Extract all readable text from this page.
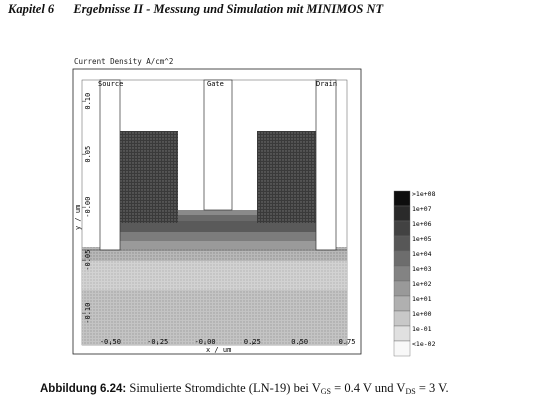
Kapitel 6 Ergebnisse II - Messung und Simulation mit MINIMOS NT
Current Density A/cm^2
Source	Gate	Drain
x / um
y / um
-0.50	-0.25	-0.00	0.25	0.50	0.75
0.10
0.05
-0.00
-0.05
-0.10
>1e+08
1e+07
1e+06
1e+05
1e+04
1e+03
1e+02
1e+01
1e+00
1e-01
<1e-02
Abbildung 6.24: Simulierte Stromdichte (LN-19) bei $V_{GS} = 0.4$ V und $V_{DS} = 3$ V.
